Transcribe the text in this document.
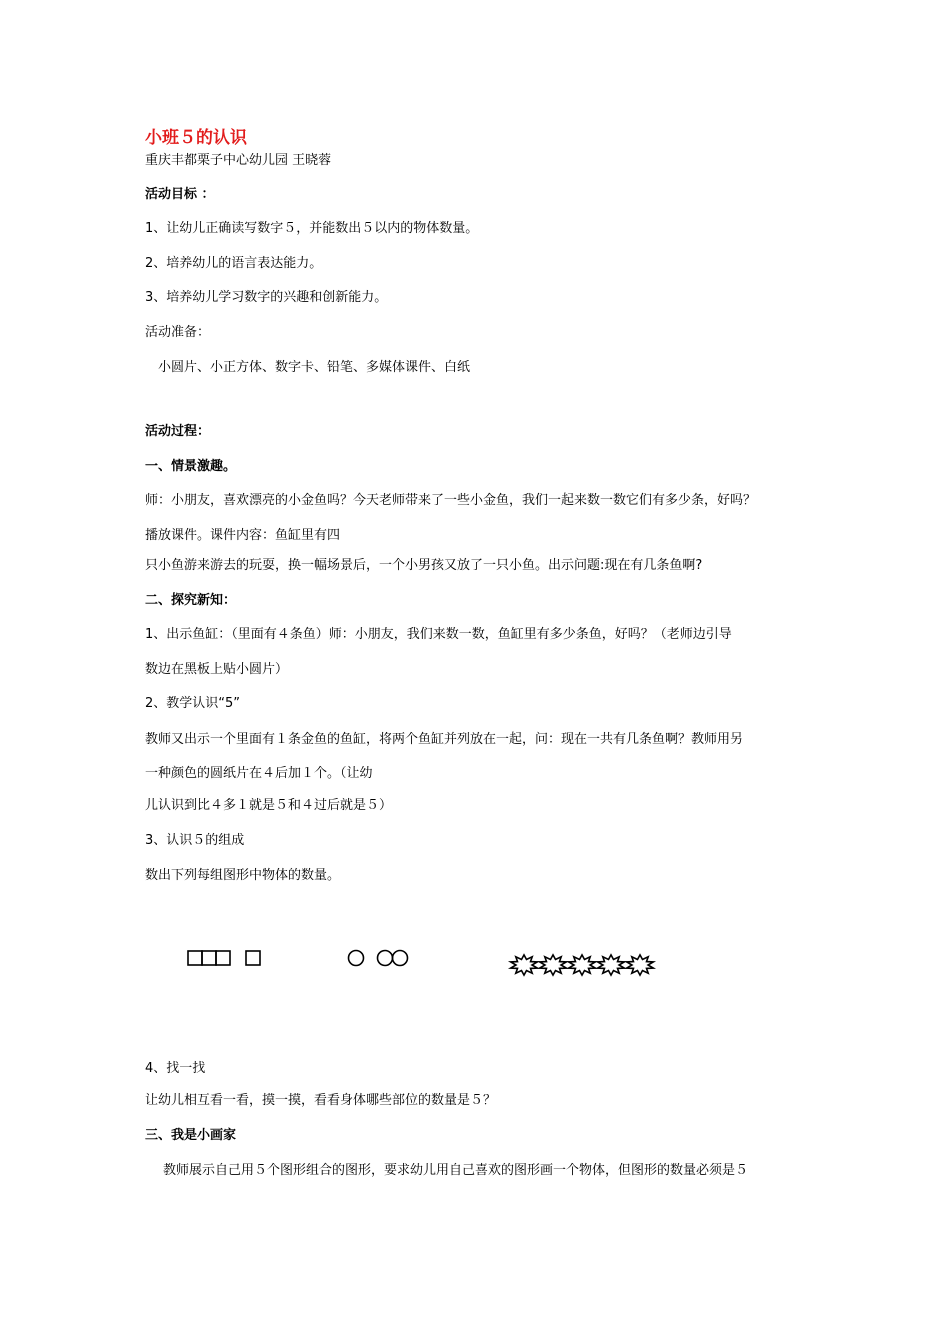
小班５的认识
重庆丰都栗子中心幼儿园 王晓蓉
活动目标 ：
1、让幼儿正确读写数字５，并能数出５以内的物体数量。
2、培养幼儿的语言表达能力。
3、培养幼儿学习数字的兴趣和创新能力。
活动准备：
小圆片、小正方体、数字卡、铅笔、多媒体课件、白纸
活动过程：
一、情景激趣。
师：小朋友，喜欢漂亮的小金鱼吗？今天老师带来了一些小金鱼，我们一起来数一数它们有多少条，好吗？
播放课件。课件内容：鱼缸里有四
只小鱼游来游去的玩耍，换一幅场景后，一个小男孩又放了一只小鱼。出示问题:现在有几条鱼啊?
二、探究新知：
1、出示鱼缸：（里面有４条鱼）师：小朋友，我们来数一数，鱼缸里有多少条鱼，好吗？（老师边引导
数边在黑板上贴小圆片）
2、教学认识“5”
教师又出示一个里面有１条金鱼的鱼缸，将两个鱼缸并列放在一起，问：现在一共有几条鱼啊？教师用另
一种颜色的圆纸片在４后加１个。（让幼
儿认识到比４多１就是５和４过后就是５）
3、认识５的组成
数出下列每组图形中物体的数量。
4、找一找
让幼儿相互看一看，摸一摸，看看身体哪些部位的数量是５？
三、我是小画家
教师展示自己用５个图形组合的图形，要求幼儿用自己喜欢的图形画一个物体，但图形的数量必须是５
